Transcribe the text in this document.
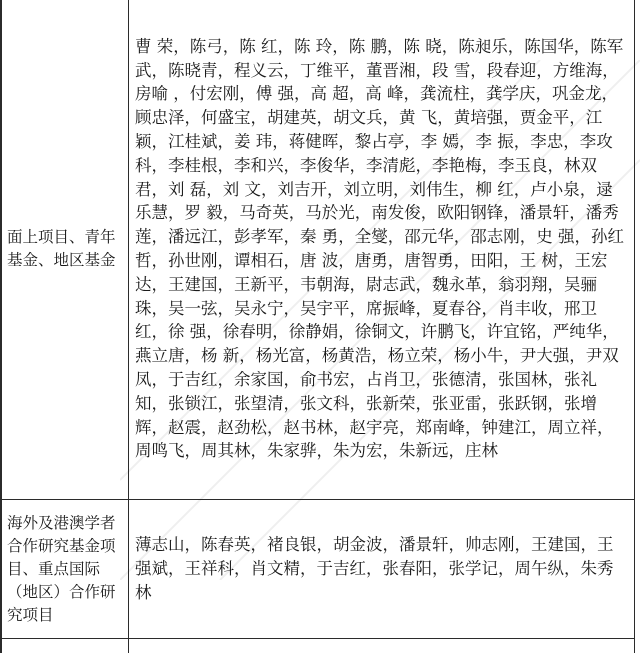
面上项目、青年基金、地区基金	曹 荣，陈弓，陈 红，陈 玲，陈 鹏，陈 晓，陈昶乐，陈国华，陈军武，陈晓青，程义云，丁维平，董晋湘，段 雪，段春迎，方维海，房喻 ，付宏刚，傅 强，高 超，高 峰，龚流柱，龚学庆，巩金龙，顾忠泽，何盛宝，胡建英，胡文兵，黄 飞，黄培强，贾金平，江 颖，江桂斌，姜 玮，蒋健晖，黎占亭，李 嫣，李 振，李忠，李攻科，李桂根，李和兴，李俊华，李清彪，李艳梅，李玉良，林双君，刘 磊，刘 文，刘吉开，刘立明，刘伟生，柳 红，卢小泉，逯乐慧，罗 毅，马奇英，马於光，南发俊，欧阳钢锋，潘景轩，潘秀莲，潘远江，彭孝军，秦 勇，全燮，邵元华，邵志刚，史 强，孙红哲，孙世刚，谭相石，唐 波，唐勇，唐智勇，田阳，王 树，王宏达，王建国，王新平，韦朝海，尉志武，魏永革，翁羽翔，吴骊珠，吴一弦，吴永宁，吴宇平，席振峰，夏春谷，肖丰收，邢卫红，徐 强，徐春明，徐静娟，徐铜文，许鹏飞，许宜铭，严纯华，燕立唐，杨 新，杨光富，杨黄浩，杨立荣，杨小牛，尹大强，尹双凤，于吉红，余家国，俞书宏，占肖卫，张德清，张国林，张礼知，张锁江，张望清，张文科，张新荣，张亚雷，张跃钢，张增辉，赵震，赵劲松，赵书林，赵宇亮，郑南峰，钟建江，周立祥，周鸣飞，周其林，朱家骅，朱为宏，朱新远，庄林
海外及港澳学者合作研究基金项目、重点国际（地区）合作研究项目	薄志山，陈春英，褚良银，胡金波，潘景轩，帅志刚，王建国，王强斌，王祥科，肖文精，于吉红，张春阳，张学记，周午纵，朱秀林
